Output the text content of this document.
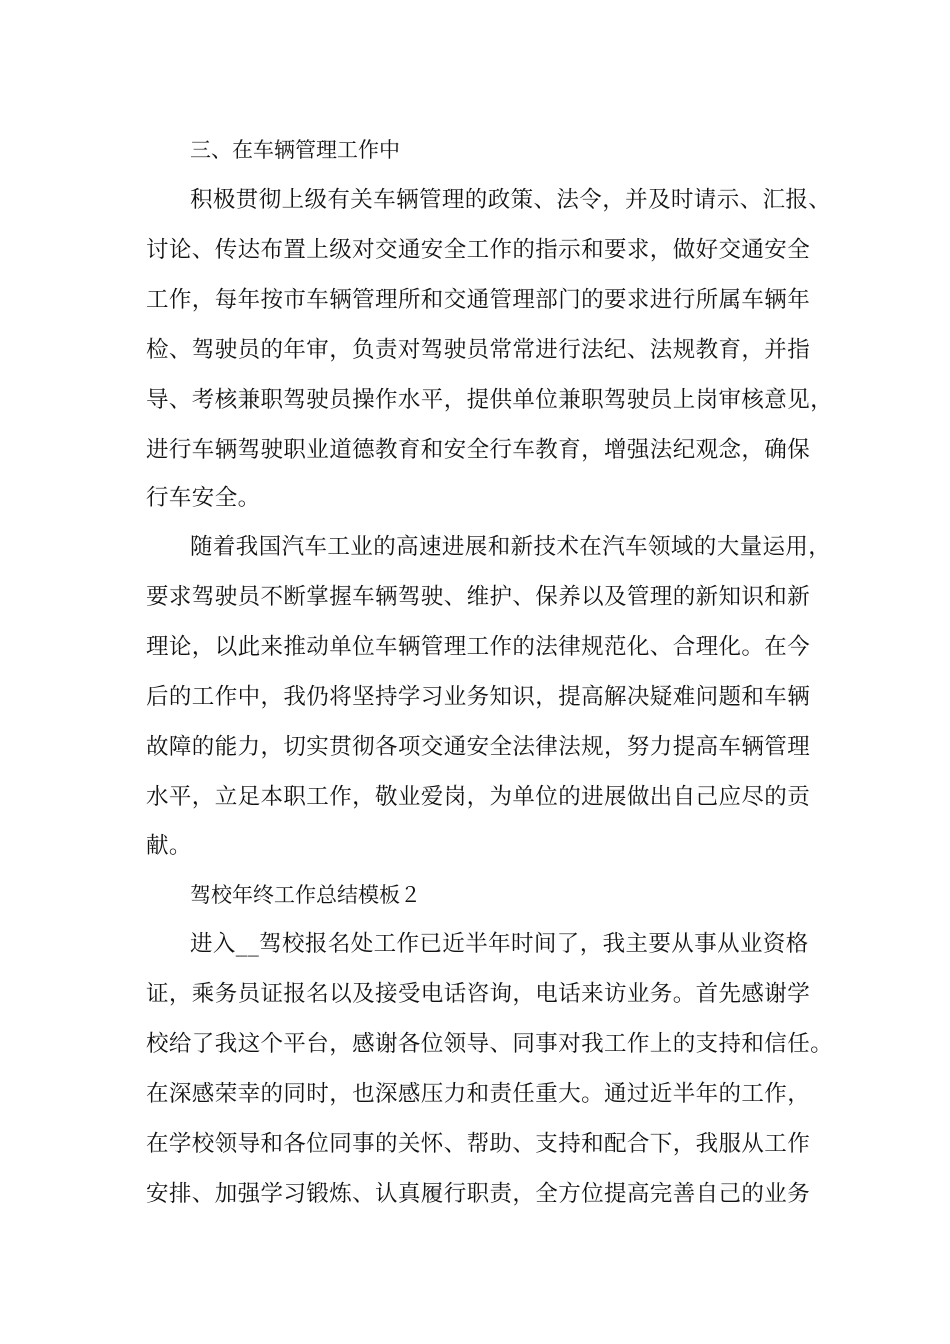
三、在车辆管理工作中
积极贯彻上级有关车辆管理的政策、法令，并及时请示、汇报、
讨论、传达布置上级对交通安全工作的指示和要求，做好交通安全
工作，每年按市车辆管理所和交通管理部门的要求进行所属车辆年
检、驾驶员的年审，负责对驾驶员常常进行法纪、法规教育，并指
导、考核兼职驾驶员操作水平，提供单位兼职驾驶员上岗审核意见，
进行车辆驾驶职业道德教育和安全行车教育，增强法纪观念，确保
行车安全。
随着我国汽车工业的高速进展和新技术在汽车领域的大量运用，
要求驾驶员不断掌握车辆驾驶、维护、保养以及管理的新知识和新
理论，以此来推动单位车辆管理工作的法律规范化、合理化。在今
后的工作中，我仍将坚持学习业务知识，提高解决疑难问题和车辆
故障的能力，切实贯彻各项交通安全法律法规，努力提高车辆管理
水平，立足本职工作，敬业爱岗，为单位的进展做出自己应尽的贡
献。
驾校年终工作总结模板２
进入__驾校报名处工作已近半年时间了，我主要从事从业资格
证，乘务员证报名以及接受电话咨询，电话来访业务。首先感谢学
校给了我这个平台，感谢各位领导、同事对我工作上的支持和信任。
在深感荣幸的同时，也深感压力和责任重大。通过近半年的工作，
在学校领导和各位同事的关怀、帮助、支持和配合下，我服从工作
安排、加强学习锻炼、认真履行职责，全方位提高完善自己的业务
